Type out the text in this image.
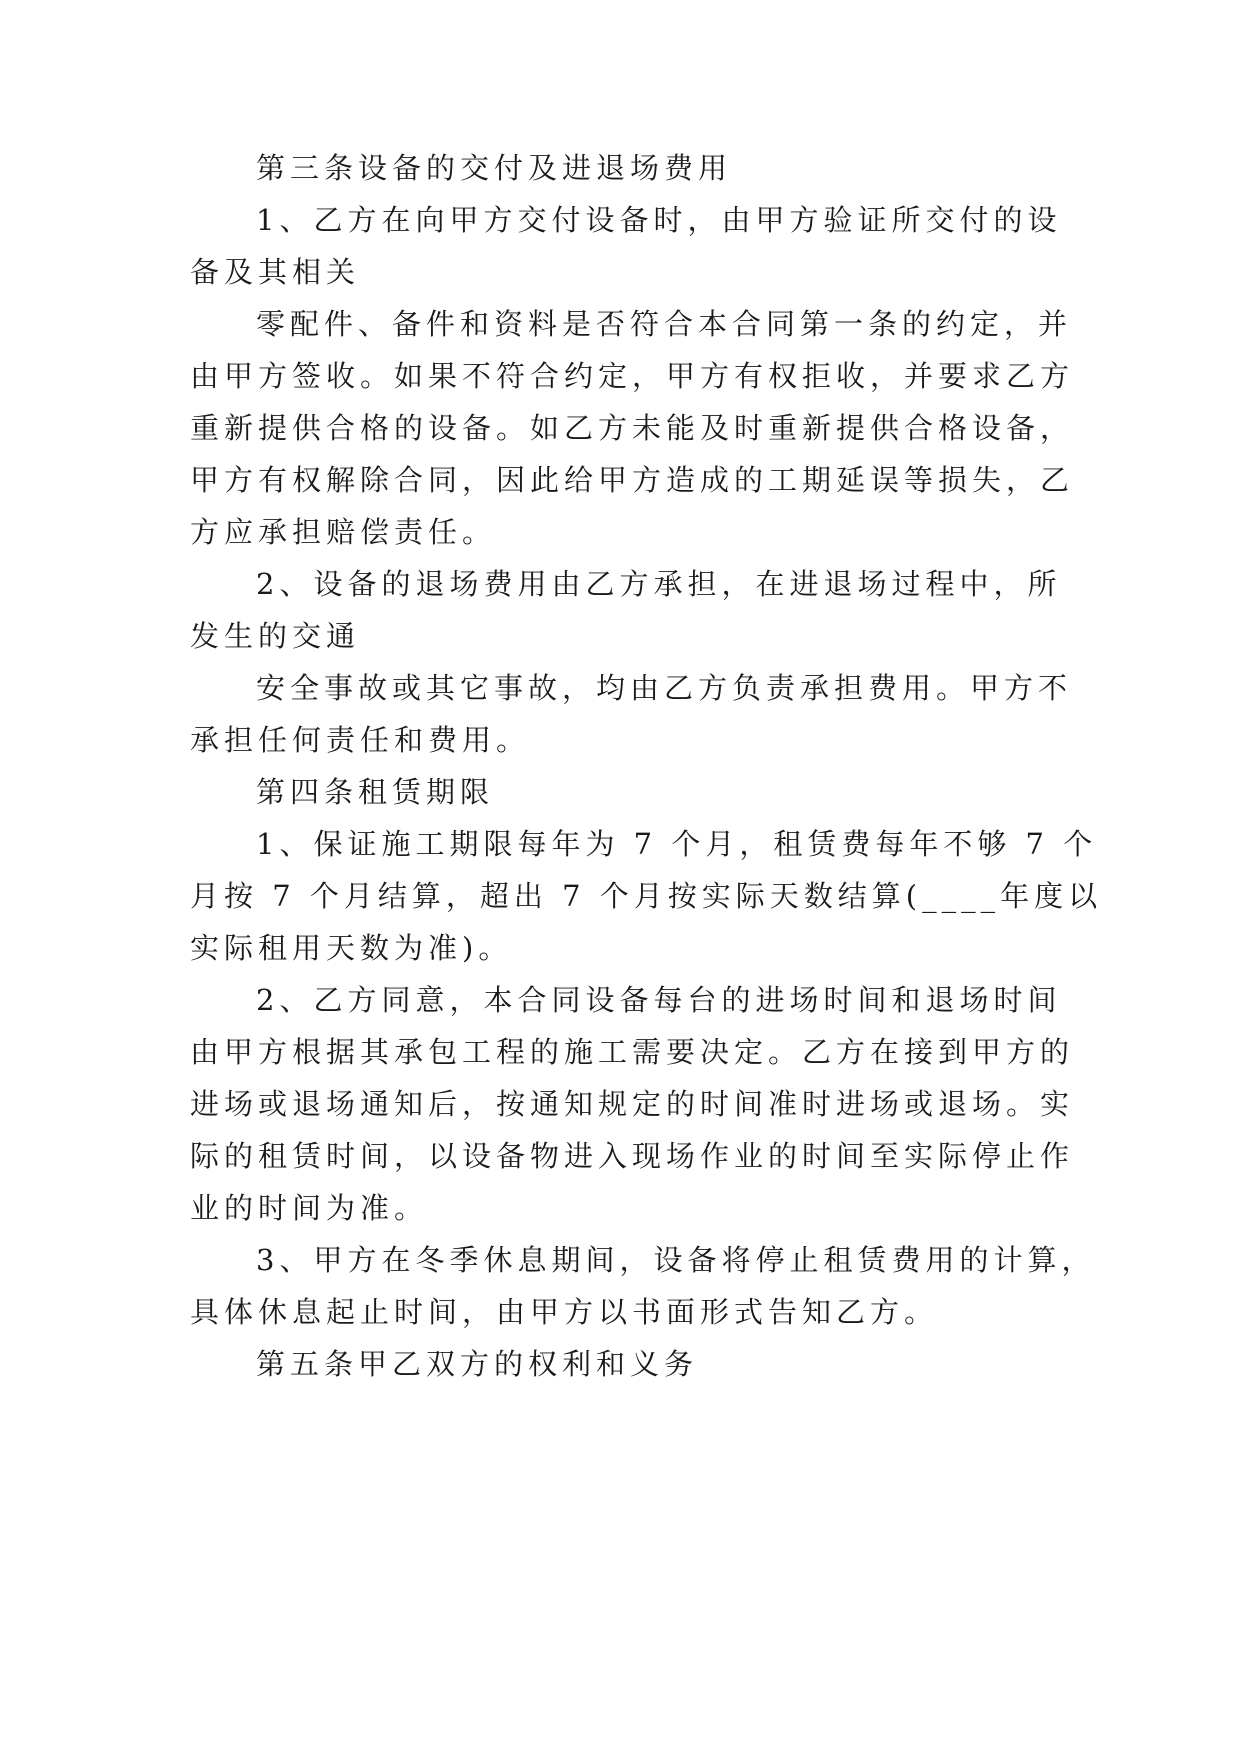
第三条设备的交付及进退场费用

1、乙方在向甲方交付设备时，由甲方验证所交付的设

备及其相关

零配件、备件和资料是否符合本合同第一条的约定，并

由甲方签收。如果不符合约定，甲方有权拒收，并要求乙方

重新提供合格的设备。如乙方未能及时重新提供合格设备，

甲方有权解除合同，因此给甲方造成的工期延误等损失，乙

方应承担赔偿责任。

2、设备的退场费用由乙方承担，在进退场过程中，所

发生的交通

安全事故或其它事故，均由乙方负责承担费用。甲方不

承担任何责任和费用。

第四条租赁期限

1、保证施工期限每年为 7 个月，租赁费每年不够 7 个

月按 7 个月结算，超出 7 个月按实际天数结算(____年度以

实际租用天数为准)。

2、乙方同意，本合同设备每台的进场时间和退场时间

由甲方根据其承包工程的施工需要决定。乙方在接到甲方的

进场或退场通知后，按通知规定的时间准时进场或退场。实

际的租赁时间，以设备物进入现场作业的时间至实际停止作

业的时间为准。

3、甲方在冬季休息期间，设备将停止租赁费用的计算，

具体休息起止时间，由甲方以书面形式告知乙方。

第五条甲乙双方的权利和义务
